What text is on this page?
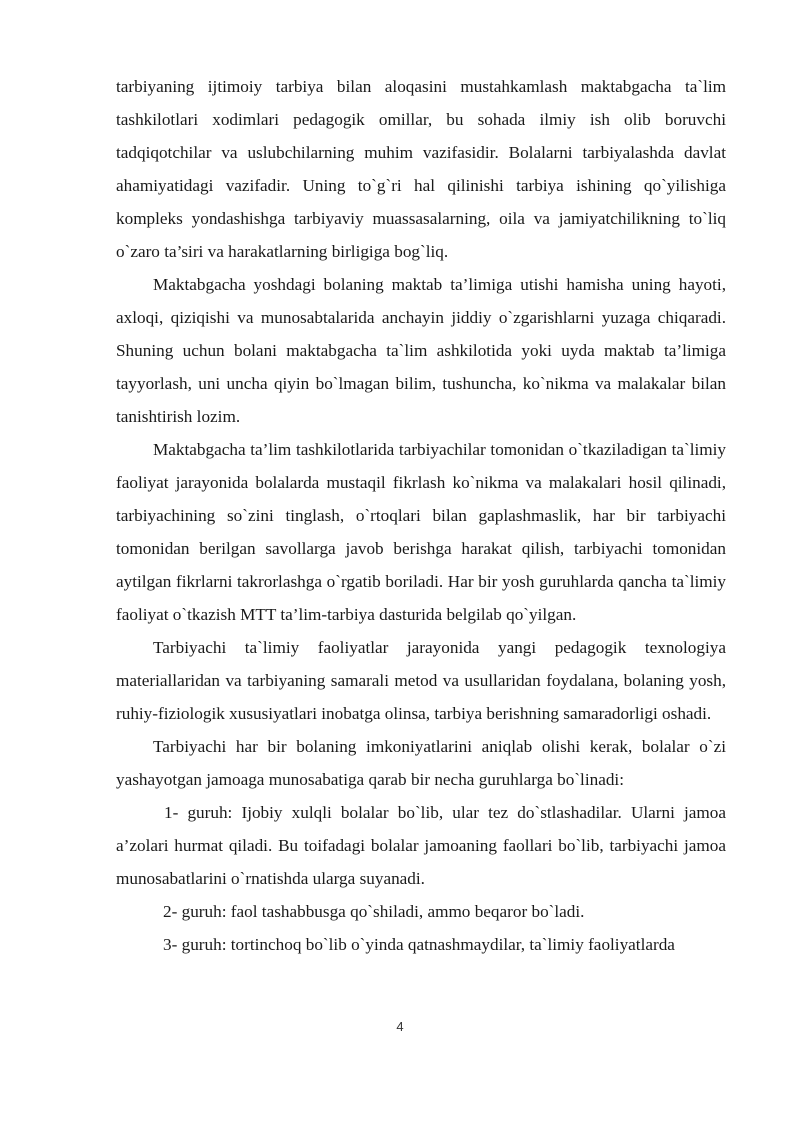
tarbiyaning ijtimoiy tarbiya bilan aloqasini mustahkamlash maktabgacha ta`lim tashkilotlari xodimlari pedagogik omillar, bu sohada ilmiy ish olib boruvchi tadqiqotchilar va uslubchilarning muhim vazifasidir. Bolalarni tarbiyalashda davlat ahamiyatidagi vazifadir. Uning to`g`ri hal qilinishi tarbiya ishining qo`yilishiga kompleks yondashishga tarbiyaviy muassasalarning, oila va jamiyatchilikning to`liq o`zaro ta’siri va harakatlarning birligiga bog`liq.

Maktabgacha yoshdagi bolaning maktab ta’limiga utishi hamisha uning hayoti, axloqi, qiziqishi va munosabtalarida anchayin jiddiy o`zgarishlarni yuzaga chiqaradi. Shuning uchun bolani maktabgacha ta`lim ashkilotida yoki uyda maktab ta’limiga tayyorlash, uni uncha qiyin bo`lmagan bilim, tushuncha, ko`nikma va malakalar bilan tanishtirish lozim.

Maktabgacha ta’lim tashkilotlarida tarbiyachilar tomonidan o`tkaziladigan ta`limiy faoliyat jarayonida bolalarda mustaqil fikrlash ko`nikma va malakalari hosil qilinadi, tarbiyachining so`zini tinglash, o`rtoqlari bilan gaplashmaslik, har bir tarbiyachi tomonidan berilgan savollarga javob berishga harakat qilish, tarbiyachi tomonidan aytilgan fikrlarni takrorlashga o`rgatib boriladi. Har bir yosh guruhlarda qancha ta`limiy faoliyat o`tkazish MTT ta’lim-tarbiya dasturida belgilab qo`yilgan.

Tarbiyachi ta`limiy faoliyatlar jarayonida yangi pedagogik texnologiya materiallaridan va tarbiyaning samarali metod va usullaridan foydalana, bolaning yosh, ruhiy-fiziologik xususiyatlari inobatga olinsa, tarbiya berishning samaradorligi oshadi.

Tarbiyachi har bir bolaning imkoniyatlarini aniqlab olishi kerak, bolalar o`zi yashayotgan jamoaga munosabatiga qarab bir necha guruhlarga bo`linadi:

1- guruh: Ijobiy xulqli bolalar bo`lib, ular tez do`stlashadilar. Ularni jamoa a’zolari hurmat qiladi. Bu toifadagi bolalar jamoaning faollari bo`lib, tarbiyachi jamoa munosabatlarini o`rnatishda ularga suyanadi.

2- guruh: faol tashabbusga qo`shiladi, ammo beqaror bo`ladi.

3- guruh: tortinchoq bo`lib o`yinda qatnashmaydilar, ta`limiy faoliyatlarda

4
